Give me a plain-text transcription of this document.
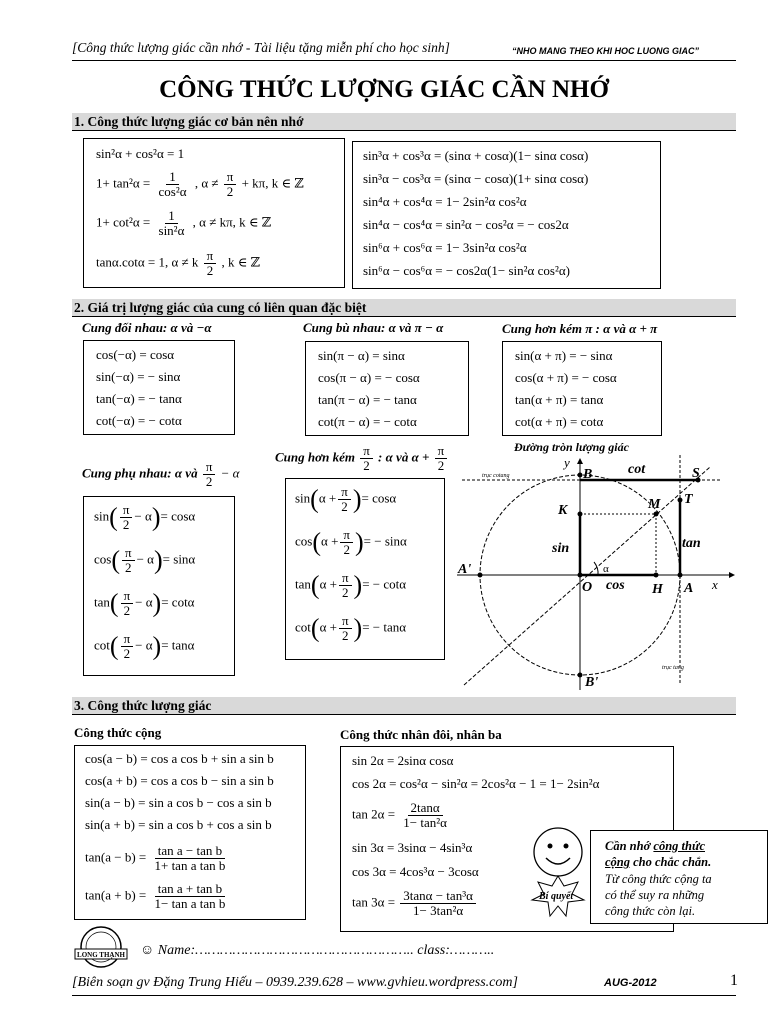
[Công thức lượng giác cần nhớ - Tài liệu tặng miễn phí cho học sinh]	“NHO MANG THEO KHI HOC LUONG GIAC”
CÔNG THỨC LƯỢNG GIÁC CẦN NHỚ
1. Công thức lượng giác cơ bản nên nhớ
sin²α + cos²α = 1
$1+ \tan^2\alpha = \frac{1}{\text{cos²α}}$ , $\alpha \ne \frac{\pi}{2} + k\pi$, k ∈ ℤ
$1+ \cot^2\alpha = \frac{1}{\text{sin²α}}$ , α ≠ kπ, k ∈ ℤ
tanα.cotα = 1, α ≠ k $\frac{\pi}{2}$ , k ∈ ℤ
sin³α + cos³α = (sinα + cosα)(1− sinα cosα)
sin³α − cos³α = (sinα − cosα)(1+ sinα cosα)
sin⁴α + cos⁴α = 1− 2sin²α cos²α
sin⁴α − cos⁴α = sin²α − cos²α = − cos2α
sin⁶α + cos⁶α = 1− 3sin²α cos²α
sin⁶α − cos⁶α = − cos2α(1− sin²α cos²α)
2. Giá trị lượng giác của cung có liên quan đặc biệt
Cung đối nhau: α và −α
cos(−α) = cosα
sin(−α) = − sinα
tan(−α) = − tanα
cot(−α) = − cotα
Cung bù nhau: α và π − α
sin(π − α) = sinα
cos(π − α) = − cosα
tan(π − α) = − tanα
cot(π − α) = − cotα
Cung hơn kém π : α và α + π
sin(α + π) = − sinα
cos(α + π) = − cosα
tan(α + π) = tanα
cot(α + π) = cotα
Cung phụ nhau: α và $\frac{\pi}{2} - \alpha$
$\sin( \frac{\pi}{2} - \alpha)= \cos\alpha$
$\cos( \frac{\pi}{2} - \alpha)= \sin\alpha$
$\tan( \frac{\pi}{2} - \alpha)= \cot\alpha$
$\cot( \frac{\pi}{2} - \alpha)= \tan\alpha$
Cung hơn kém $\frac{\pi}{2}$ : α và $\alpha + \frac{\pi}{2}$
$\sin(\alpha + \frac{\pi}{2}$ )= cosα
$\cos(\alpha + \frac{\pi}{2}$ )= − sinα
$\tan(\alpha + \frac{\pi}{2}$ )= − cotα
$\cot(\alpha + \frac{\pi}{2}$ )= − tanα
Đường tròn lượng giác
y
B	cot	S
M T
K
tan
sin
A'
O cos H A x
B'
α
trục cotang
trục tang
3. Công thức lượng giác
Công thức cộng
cos(a − b) = cos a cos b + sin a sin b
cos(a + b) = cos a cos b − sin a sin b
sin(a − b) = sin a cos b − cos a sin b
sin(a + b) = sin a cos b + cos a sin b
$\tan(a - b) = \frac{\text{tan a − tan b}}{\text{1+ tan a tan b}}$
$\tan(a + b) = \frac{\text{tan a + tan b}}{\text{1− tan a tan b}}$
Công thức nhân đôi, nhân ba
sin 2α = 2sinα cosα
cos 2α = cos²α − sin²α = 2cos²α − 1 = 1− 2sin²α
$\tan 2\alpha = \frac{2\tan\alpha}{\text{1− tan²α}}$
sin 3α = 3sinα − 4sin³α
cos 3α = 4cos³α − 3cosα
$\tan 3\alpha = \frac{\text{3tanα − tan³α}}{\text{1− 3tan²α}}$	Bí quyết
Cần nhớ công thức
cộng cho chắc chắn.
Từ công thức cộng ta
có thể suy ra những
công thức còn lại.
LONG THẠNH ☺ Name:…………………………………………….. class:………..
[Biên soạn gv Đặng Trung Hiếu – 0939.239.628 – www.gvhieu.wordpress.com]	AUG-2012	1
